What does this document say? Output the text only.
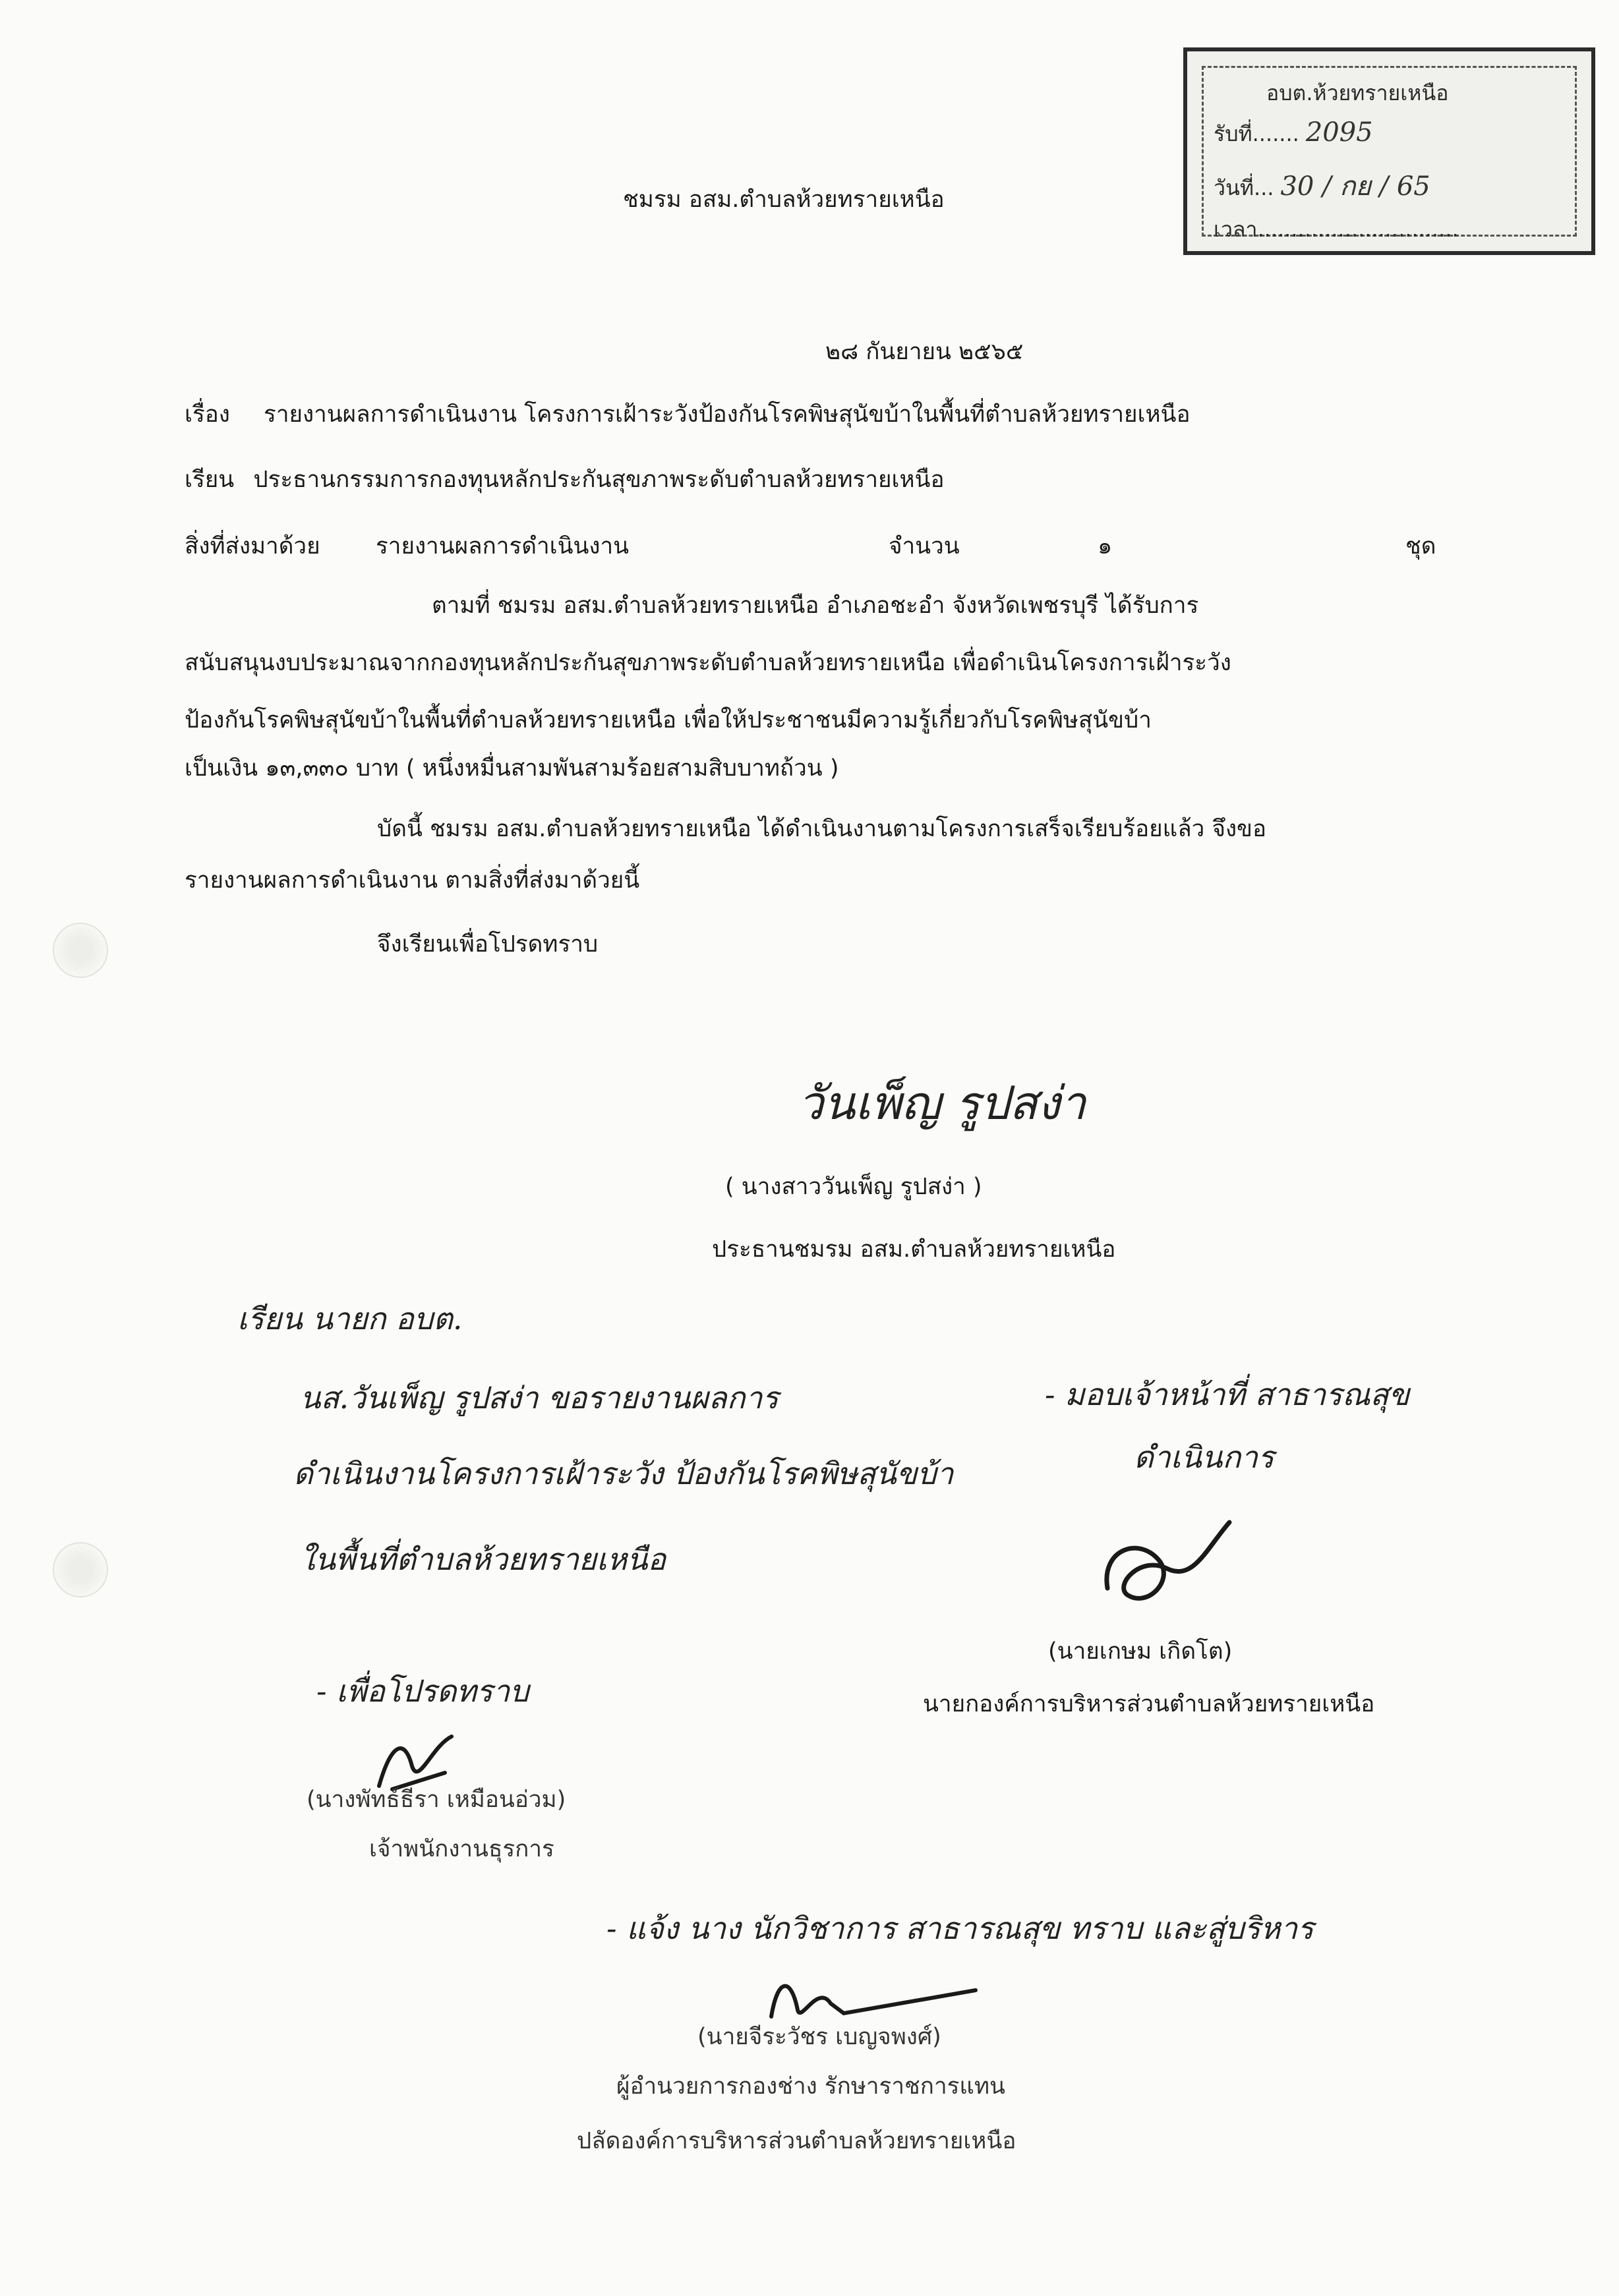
อบต.ห้วยทรายเหนือ
รับที่....... 2095
วันที่... 30 / กย / 65
เวลา..............................
ชมรม อสม.ตำบลห้วยทรายเหนือ
๒๘ กันยายน ๒๕๖๕
เรื่อง รายงานผลการดำเนินงาน โครงการเฝ้าระวังป้องกันโรคพิษสุนัขบ้าในพื้นที่ตำบลห้วยทรายเหนือ
เรียน ประธานกรรมการกองทุนหลักประกันสุขภาพระดับตำบลห้วยทรายเหนือ
สิ่งที่ส่งมาด้วย รายงานผลการดำเนินงาน	จำนวน	๑	ชุด
ตามที่ ชมรม อสม.ตำบลห้วยทรายเหนือ อำเภอชะอำ จังหวัดเพชรบุรี ได้รับการ
สนับสนุนงบประมาณจากกองทุนหลักประกันสุขภาพระดับตำบลห้วยทรายเหนือ เพื่อดำเนินโครงการเฝ้าระวัง
ป้องกันโรคพิษสุนัขบ้าในพื้นที่ตำบลห้วยทรายเหนือ เพื่อให้ประชาชนมีความรู้เกี่ยวกับโรคพิษสุนัขบ้า
เป็นเงิน ๑๓,๓๓๐ บาท ( หนึ่งหมื่นสามพันสามร้อยสามสิบบาทถ้วน )
บัดนี้ ชมรม อสม.ตำบลห้วยทรายเหนือ ได้ดำเนินงานตามโครงการเสร็จเรียบร้อยแล้ว จึงขอ
รายงานผลการดำเนินงาน ตามสิ่งที่ส่งมาด้วยนี้
จึงเรียนเพื่อโปรดทราบ
วันเพ็ญ รูปสง่า
( นางสาววันเพ็ญ รูปสง่า )
ประธานชมรม อสม.ตำบลห้วยทรายเหนือ
เรียน นายก อบต.
นส.วันเพ็ญ รูปสง่า ขอรายงานผลการ
ดำเนินงานโครงการเฝ้าระวัง ป้องกันโรคพิษสุนัขบ้า
ในพื้นที่ตำบลห้วยทรายเหนือ
- เพื่อโปรดทราบ
- มอบเจ้าหน้าที่ สาธารณสุข
ดำเนินการ
(นายเกษม เกิดโต)
นายกองค์การบริหารส่วนตำบลห้วยทรายเหนือ
(นางพัทธ์ธีรา เหมือนอ่วม)
เจ้าพนักงานธุรการ
- แจ้ง นาง นักวิชาการ สาธารณสุข ทราบ และสู่บริหาร
(นายจีระวัชร เบญจพงศ์)
ผู้อำนวยการกองช่าง รักษาราชการแทน
ปลัดองค์การบริหารส่วนตำบลห้วยทรายเหนือ
